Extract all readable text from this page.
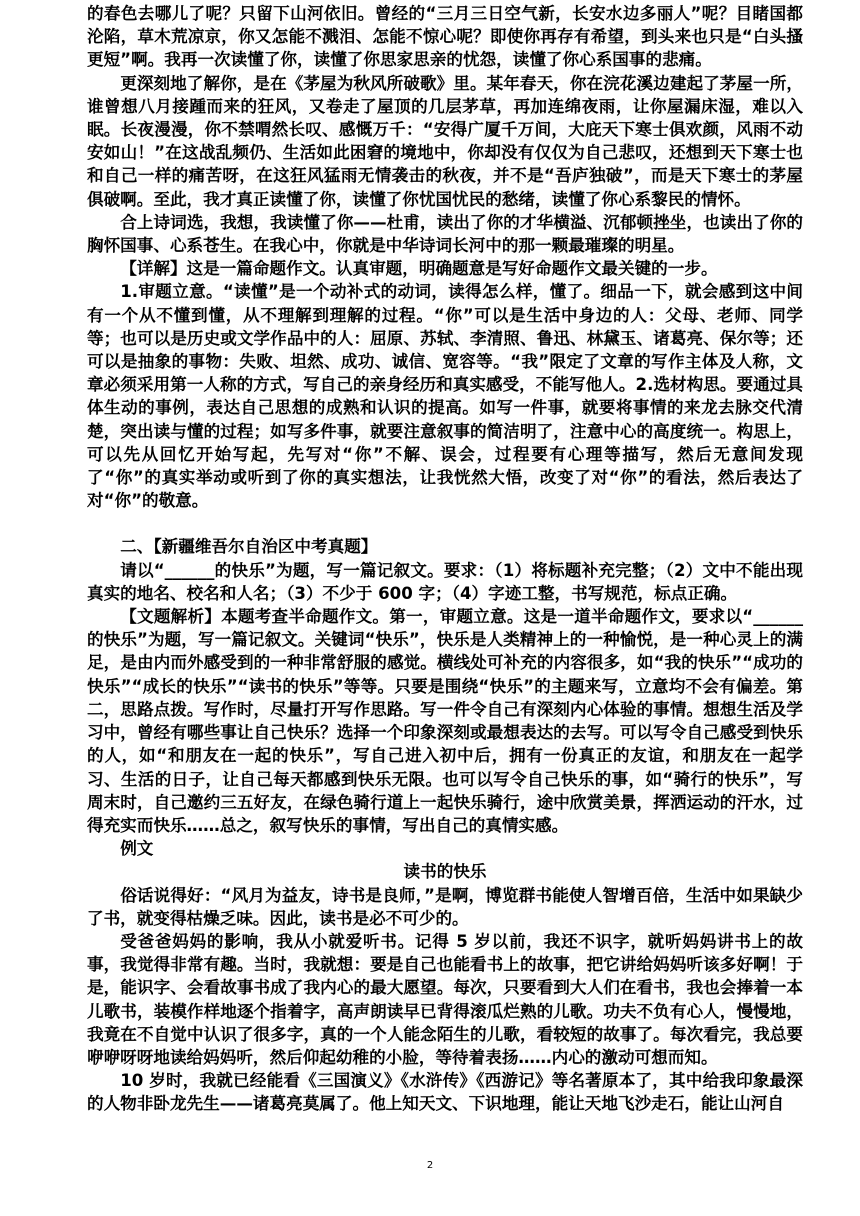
的春色去哪儿了呢？只留下山河依旧。曾经的“三月三日空气新，长安水边多丽人”呢？目睹国都沦陷，草木荒凉京，你又怎能不溅泪、怎能不惊心呢？即使你再存有希望，到头来也只是“白头搔更短”啊。我再一次读懂了你，读懂了你思家思亲的忧怨，读懂了你心系国事的悲痛。

更深刻地了解你，是在《茅屋为秋风所破歌》里。某年春天，你在浣花溪边建起了茅屋一所，谁曾想八月接踵而来的狂风，又卷走了屋顶的几层茅草，再加连绵夜雨，让你屋漏床湿，难以入眠。长夜漫漫，你不禁喟然长叹、感慨万千：“安得广厦千万间，大庇天下寒士俱欢颜，风雨不动安如山！”在这战乱频仍、生活如此困窘的境地中，你却没有仅仅为自己悲叹，还想到天下寒士也和自己一样的痛苦呀，在这狂风猛雨无情袭击的秋夜，并不是“吾庐独破”，而是天下寒士的茅屋俱破啊。至此，我才真正读懂了你，读懂了你忧国忧民的愁绪，读懂了你心系黎民的情怀。

合上诗词选，我想，我读懂了你——杜甫，读出了你的才华横溢、沉郁顿挫坐，也读出了你的胸怀国事、心系苍生。在我心中，你就是中华诗词长河中的那一颗最璀璨的明星。

【详解】这是一篇命题作文。认真审题，明确题意是写好命题作文最关键的一步。

1.审题立意。“读懂”是一个动补式的动词，读得怎么样，懂了。细品一下，就会感到这中间有一个从不懂到懂，从不理解到理解的过程。“你”可以是生活中身边的人：父母、老师、同学等；也可以是历史或文学作品中的人：屈原、苏轼、李清照、鲁迅、林黛玉、诸葛亮、保尔等；还可以是抽象的事物：失败、坦然、成功、诚信、宽容等。“我”限定了文章的写作主体及人称，文章必须采用第一人称的方式，写自己的亲身经历和真实感受，不能写他人。2.选材构思。要通过具体生动的事例，表达自己思想的成熟和认识的提高。如写一件事，就要将事情的来龙去脉交代清楚，突出读与懂的过程；如写多件事，就要注意叙事的简洁明了，注意中心的高度统一。构思上，可以先从回忆开始写起，先写对“你”不解、误会，过程要有心理等描写，然后无意间发现了“你”的真实举动或听到了你的真实想法，让我恍然大悟，改变了对“你”的看法，然后表达了对“你”的敬意。

二、【新疆维吾尔自治区中考真题】

请以“______的快乐”为题，写一篇记叙文。要求：（1）将标题补充完整；（2）文中不能出现真实的地名、校名和人名；（3）不少于 600 字；（4）字迹工整，书写规范，标点正确。

【文题解析】本题考查半命题作文。第一，审题立意。这是一道半命题作文，要求以“______的快乐”为题，写一篇记叙文。关键词“快乐”，快乐是人类精神上的一种愉悦，是一种心灵上的满足，是由内而外感受到的一种非常舒服的感觉。横线处可补充的内容很多，如“我的快乐”“成功的快乐”“成长的快乐”“读书的快乐”等等。只要是围绕“快乐”的主题来写，立意均不会有偏差。第二，思路点拨。写作时，尽量打开写作思路。写一件令自己有深刻内心体验的事情。想想生活及学习中，曾经有哪些事让自己快乐？选择一个印象深刻或最想表达的去写。可以写令自己感受到快乐的人，如“和朋友在一起的快乐”，写自己进入初中后，拥有一份真正的友谊，和朋友在一起学习、生活的日子，让自己每天都感到快乐无限。也可以写令自己快乐的事，如“骑行的快乐”，写周末时，自己邀约三五好友，在绿色骑行道上一起快乐骑行，途中欣赏美景，挥洒运动的汗水，过得充实而快乐……总之，叙写快乐的事情，写出自己的真情实感。

例文

读书的快乐

俗话说得好：“风月为益友，诗书是良师，”是啊，博览群书能使人智增百倍，生活中如果缺少了书，就变得枯燥乏味。因此，读书是必不可少的。

受爸爸妈妈的影响，我从小就爱听书。记得 5 岁以前，我还不识字，就听妈妈讲书上的故事，我觉得非常有趣。当时，我就想：要是自己也能看书上的故事，把它讲给妈妈听该多好啊！于是，能识字、会看故事书成了我内心的最大愿望。每次，只要看到大人们在看书，我也会捧着一本儿歌书，装模作样地逐个指着字，高声朗读早已背得滚瓜烂熟的儿歌。功夫不负有心人，慢慢地，我竟在不自觉中认识了很多字，真的一个人能念陌生的儿歌，看较短的故事了。每次看完，我总要咿咿呀呀地读给妈妈听，然后仰起幼稚的小脸，等待着表扬……内心的激动可想而知。

10 岁时，我就已经能看《三国演义》《水浒传》《西游记》等名著原本了，其中给我印象最深的人物非卧龙先生——诸葛亮莫属了。他上知天文、下识地理，能让天地飞沙走石，能让山河自

2
